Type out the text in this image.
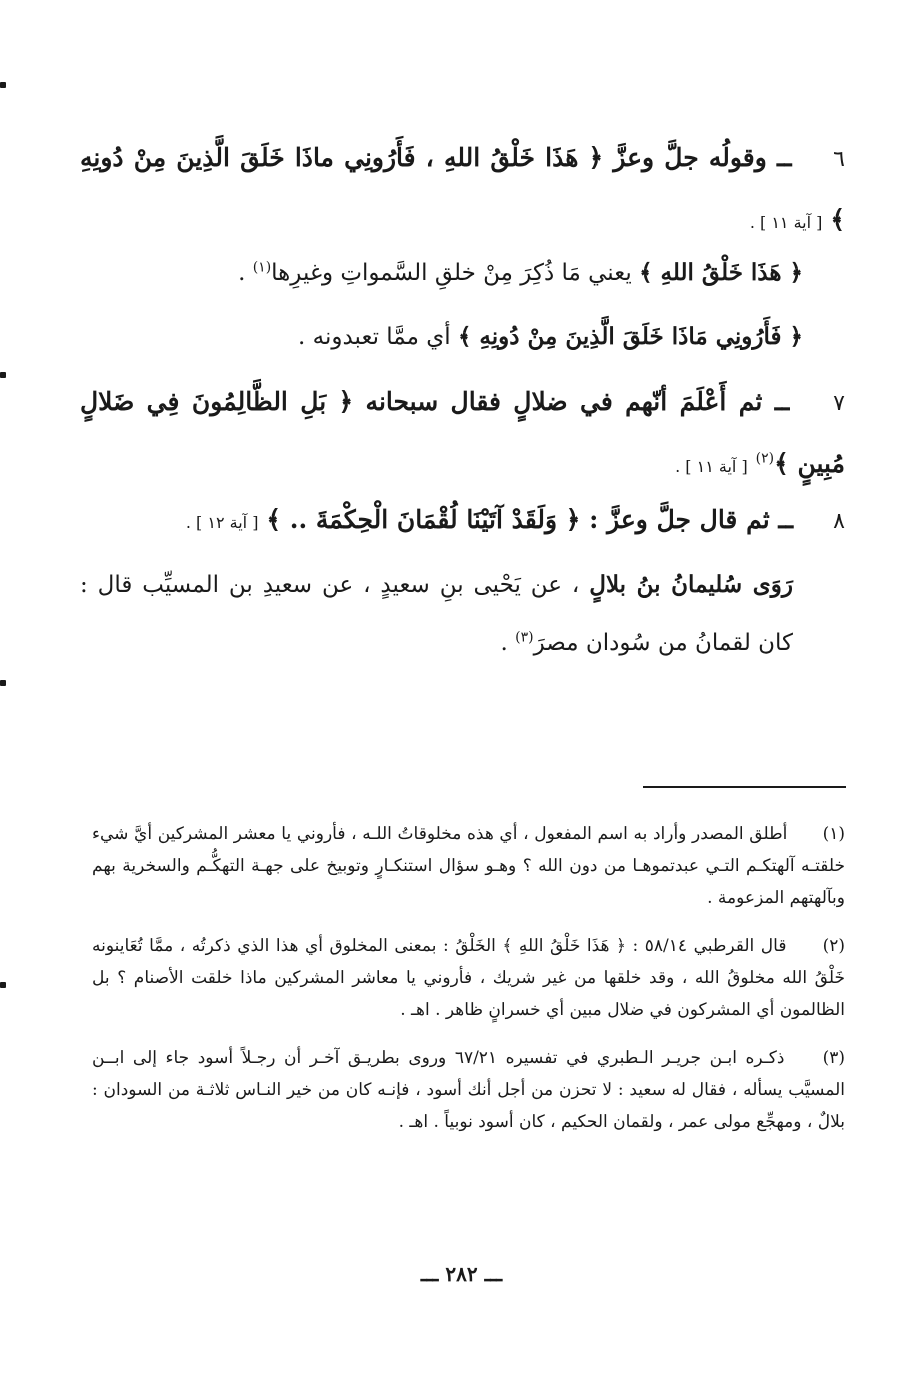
٦ ــ وقولُه جلَّ وعزَّ ﴿ هَذَا خَلْقُ اللهِ ، فَأَرُونِي ماذَا خَلَقَ الَّذِينَ مِنْ دُونِهِ ﴾ [ آية ١١ ] .
﴿ هَذَا خَلْقُ اللهِ ﴾ يعني مَا ذُكِرَ مِنْ خلقِ السَّمواتِ وغيرِها$^{(١)}$ .
﴿ فَأَرُونِي مَاذَا خَلَقَ الَّذِينَ مِنْ دُونِهِ ﴾ أي ممَّا تعبدونه .
٧ ــ ثم أَعْلَمَ أنّهم في ضلالٍ فقال سبحانه ﴿ بَلِ الظَّالِمُونَ فِي ضَلالٍ مُبِينٍ ﴾$^{(٢)}$ [ آية ١١ ] .
٨ ــ ثم قال جلَّ وعزَّ : ﴿ وَلَقَدْ آتَيْنَا لُقْمَانَ الْحِكْمَةَ .. ﴾ [ آية ١٢ ] .
رَوَى سُليمانُ بنُ بلالٍ ، عن يَحْيى بنِ سعيدٍ ، عن سعيدِ بن المسيِّب قال : كان لقمانُ من سُودان مصرَ$^{(٣)}$ .
(١) أطلق المصدر وأراد به اسم المفعول ، أي هذه مخلوقاتُ اللـه ، فأروني يا معشر المشركين أيَّ شيء خلقتـه آلهتكـم التـي عبدتموهـا من دون الله ؟ وهـو سؤال استنكـارٍ وتوبيخ على جهـة التهكُّـم والسخرية بهم وبآلهتهم المزعومة .
(٢) قال القرطبي ٥٨/١٤ : ﴿ هَذَا خَلْقُ اللهِ ﴾ الخَلْقُ : بمعنى المخلوق أي هذا الذي ذكرتُه ، ممَّا تُعَاينونه خَلْقُ الله مخلوقُ الله ، وقد خلقها من غير شريك ، فأروني يا معاشر المشركين ماذا خلقت الأصنام ؟ بل الظالمون أي المشركون في ضلال مبين أي خسرانٍ ظاهر . اهـ .
(٣) ذكـره ابـن جريـر الـطبري في تفسيره ٦٧/٢١ وروى بطريـق آخـر أن رجـلاً أسود جاء إلى ابــن المسيَّب يسأله ، فقال له سعيد : لا تحزن من أجل أنك أسود ، فإنـه كان من خير النـاس ثلاثـة من السودان : بلالٌ ، ومهجِّع مولى عمر ، ولقمان الحكيم ، كان أسود نوبياً . اهـ .
ـــ ٢٨٢ ـــ
